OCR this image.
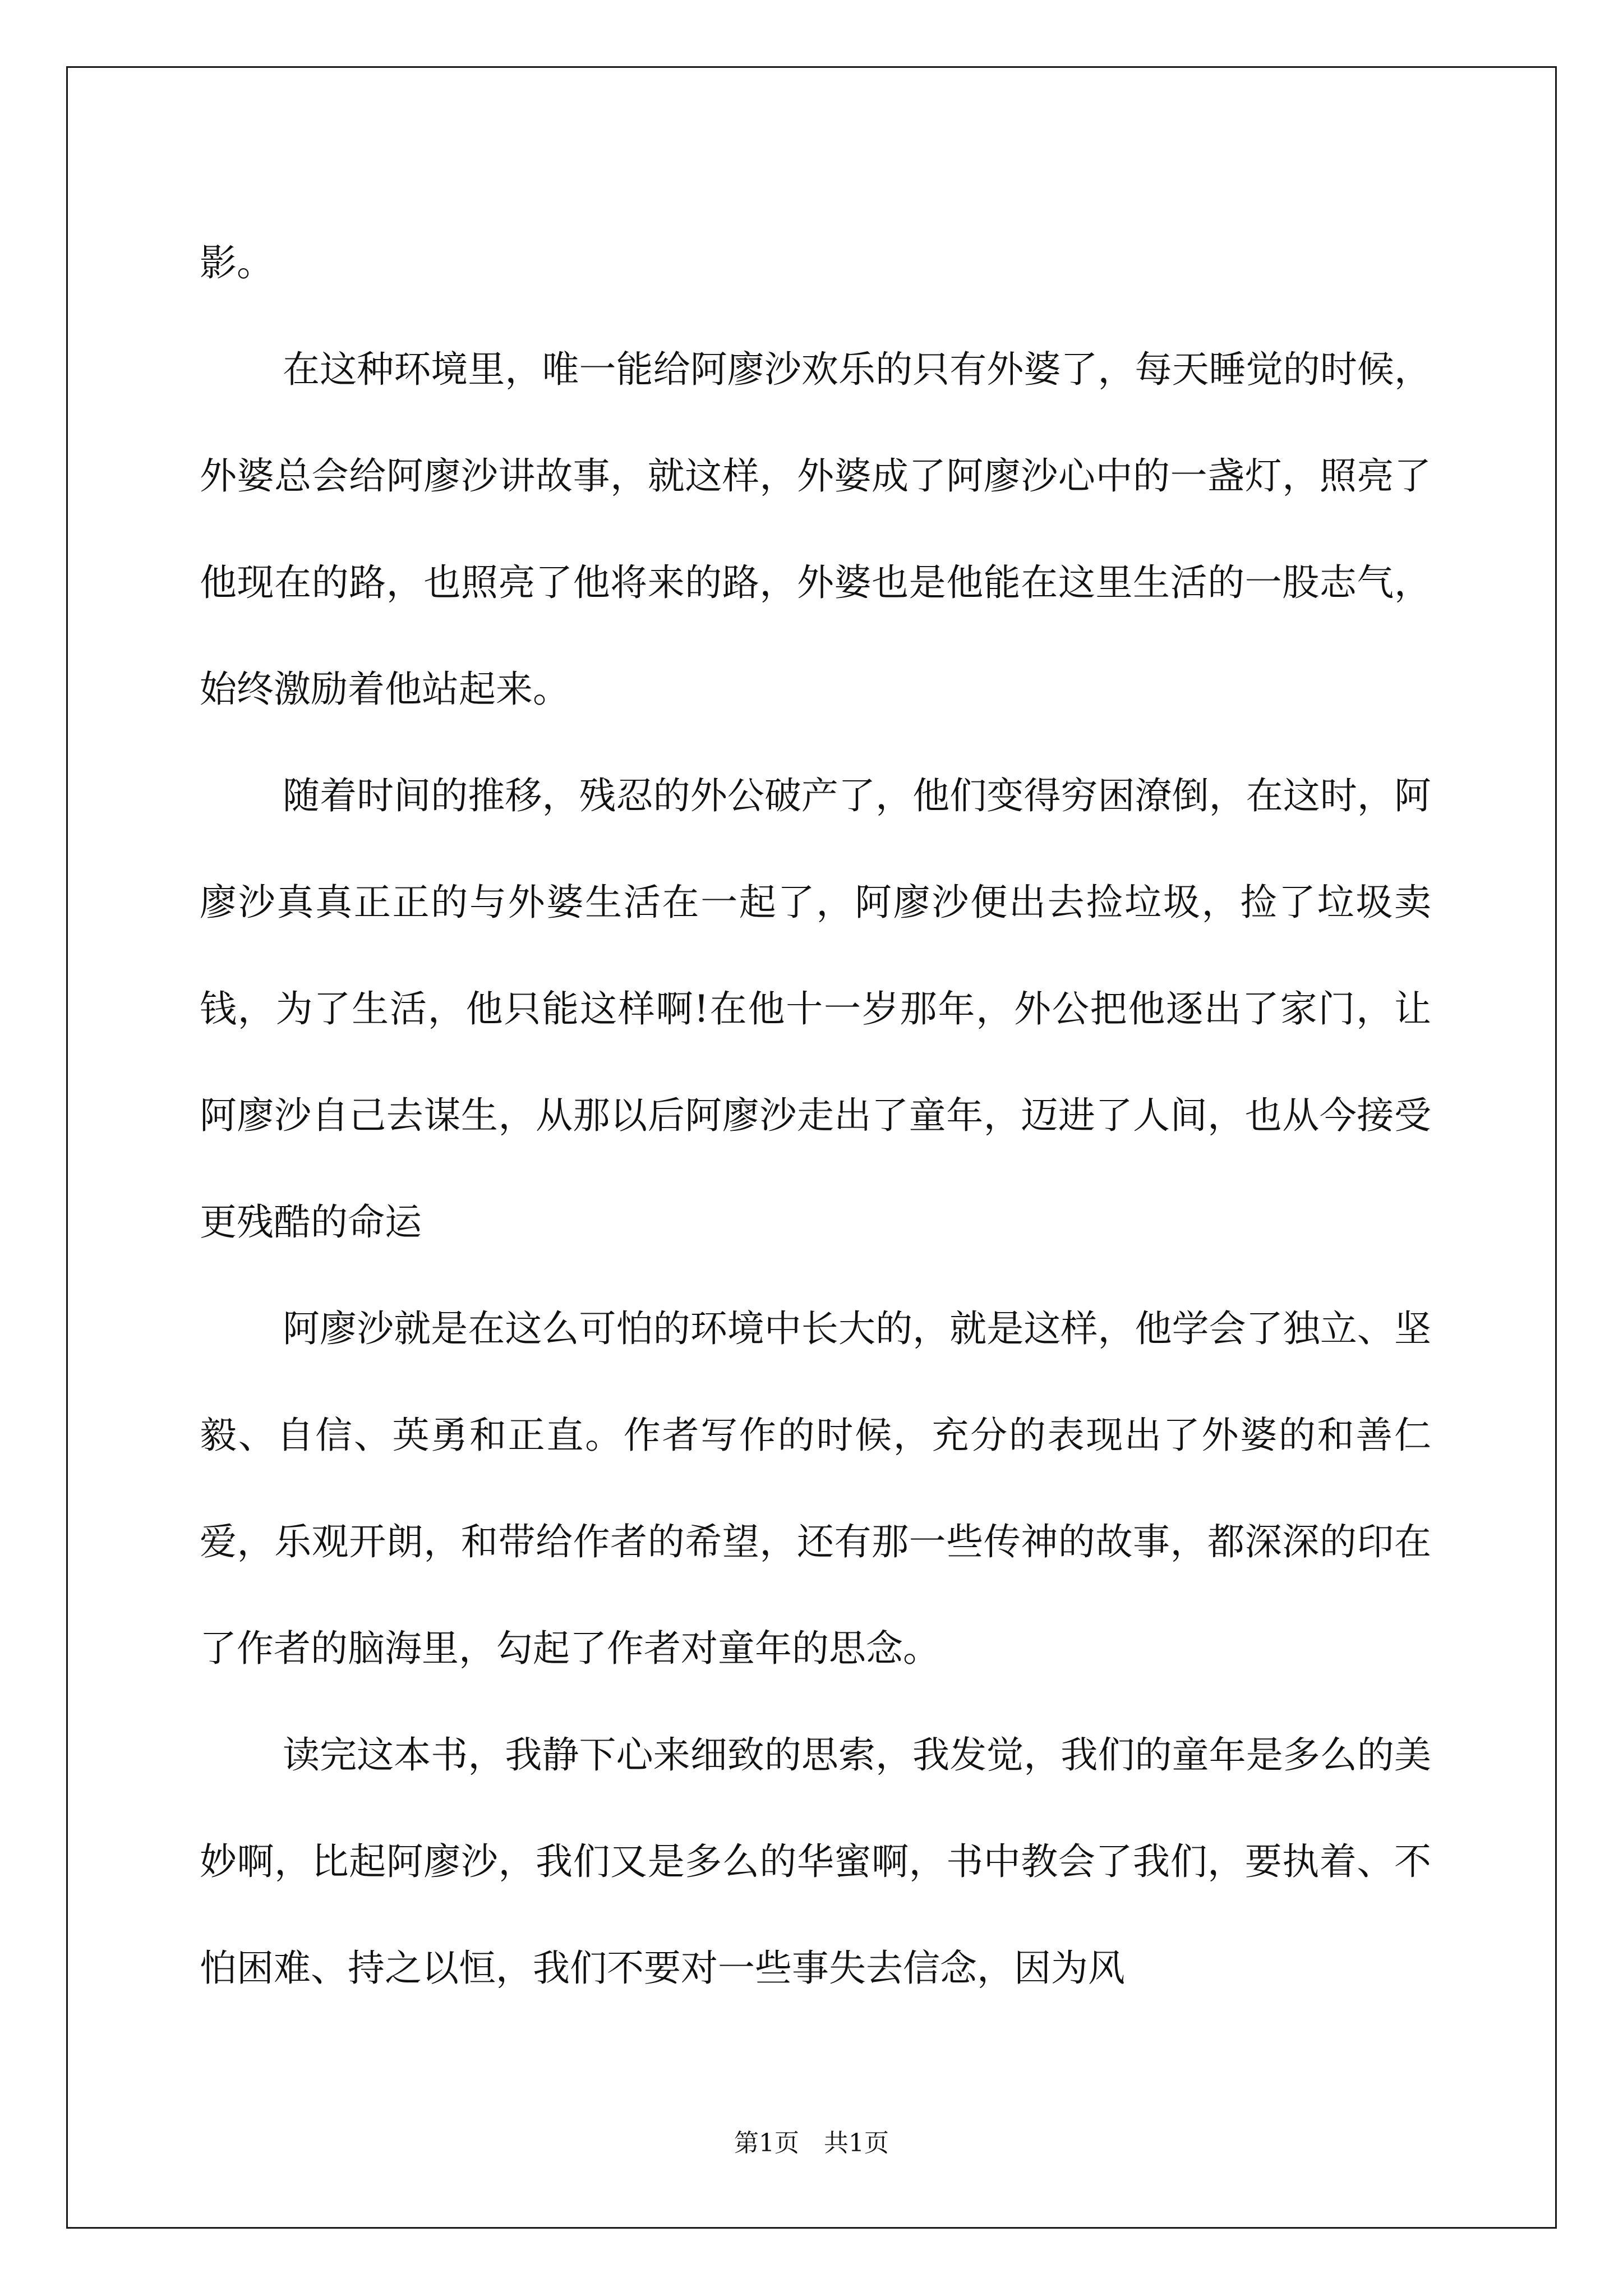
影。

在这种环境里，唯一能给阿廖沙欢乐的只有外婆了，每天睡觉的时候，外婆总会给阿廖沙讲故事，就这样，外婆成了阿廖沙心中的一盏灯，照亮了他现在的路，也照亮了他将来的路，外婆也是他能在这里生活的一股志气，始终激励着他站起来。

随着时间的推移，残忍的外公破产了，他们变得穷困潦倒，在这时，阿廖沙真真正正的与外婆生活在一起了，阿廖沙便出去捡垃圾，捡了垃圾卖钱，为了生活，他只能这样啊!在他十一岁那年，外公把他逐出了家门，让阿廖沙自己去谋生，从那以后阿廖沙走出了童年，迈进了人间，也从今接受更残酷的命运

阿廖沙就是在这么可怕的环境中长大的，就是这样，他学会了独立、坚毅、自信、英勇和正直。作者写作的时候，充分的表现出了外婆的和善仁爱，乐观开朗，和带给作者的希望，还有那一些传神的故事，都深深的印在了作者的脑海里，勾起了作者对童年的思念。

读完这本书，我静下心来细致的思索，我发觉，我们的童年是多么的美妙啊，比起阿廖沙，我们又是多么的华蜜啊，书中教会了我们，要执着、不怕困难、持之以恒，我们不要对一些事失去信念，因为风

第1页　共1页
